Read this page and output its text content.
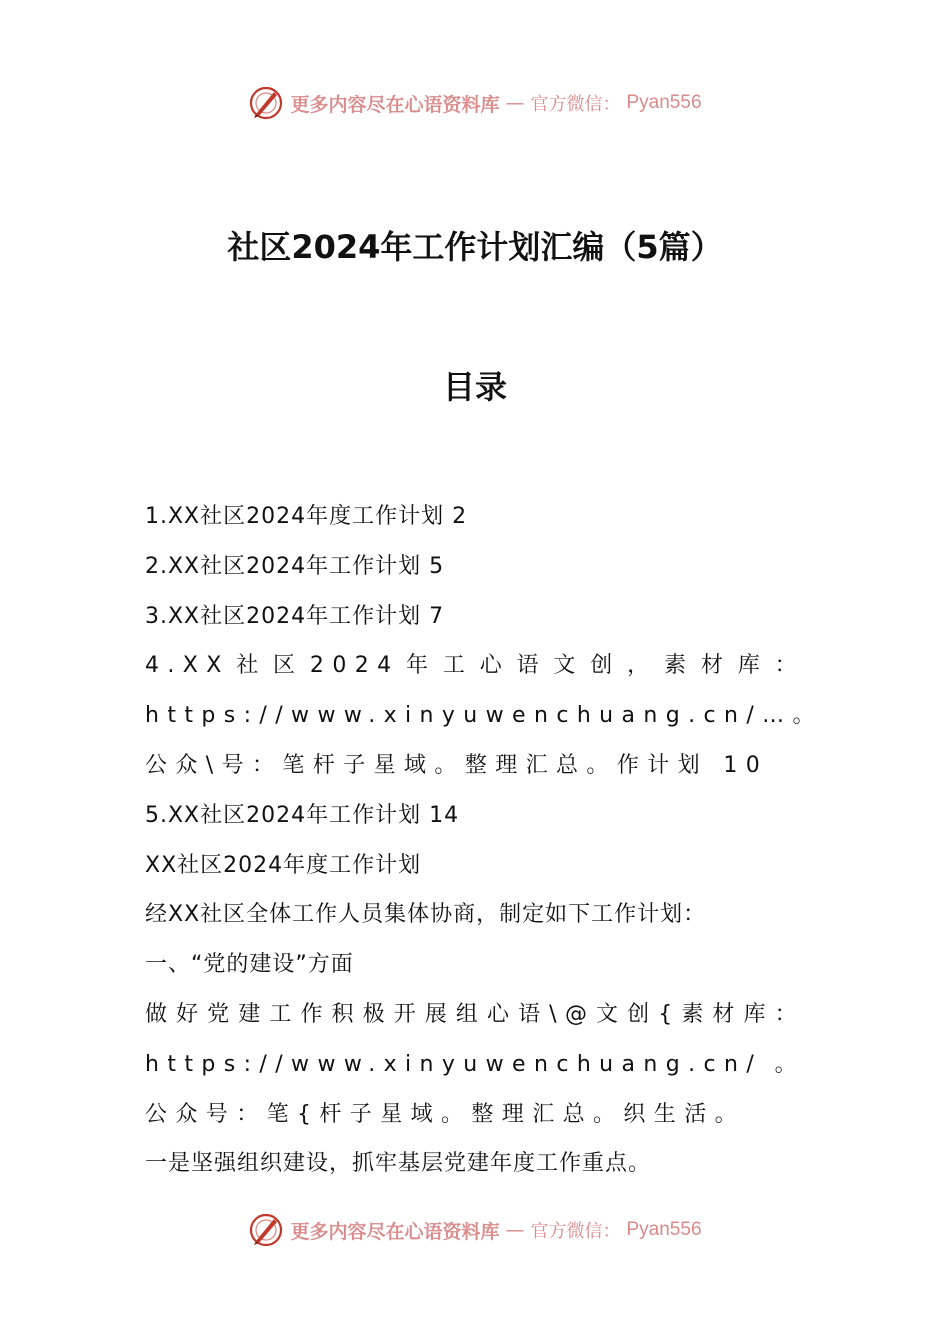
更多内容尽在心语资料库 — 官方微信： Pyan556
社区2024年工作计划汇编（5篇）
目录

1.XX社区2024年度工作计划 2

2.XX社区2024年工作计划 5

3.XX社区2024年工作计划 7

4.XX社区2024年工心语文创，素材库：https://www.xinyuwenchuang.cn/…。公众\号：笔杆子星域。整理汇总。作计划 10

5.XX社区2024年工作计划 14

XX社区2024年度工作计划

经XX社区全体工作人员集体协商，制定如下工作计划：

一、“党的建设”方面

做好党建工作积极开展组心语\@文创{素材库：https://www.xinyuwenchuang.cn/。公众号：笔{杆子星域。整理汇总。织生活。

一是坚强组织建设，抓牢基层党建年度工作重点。

更多内容尽在心语资料库 — 官方微信： Pyan556
